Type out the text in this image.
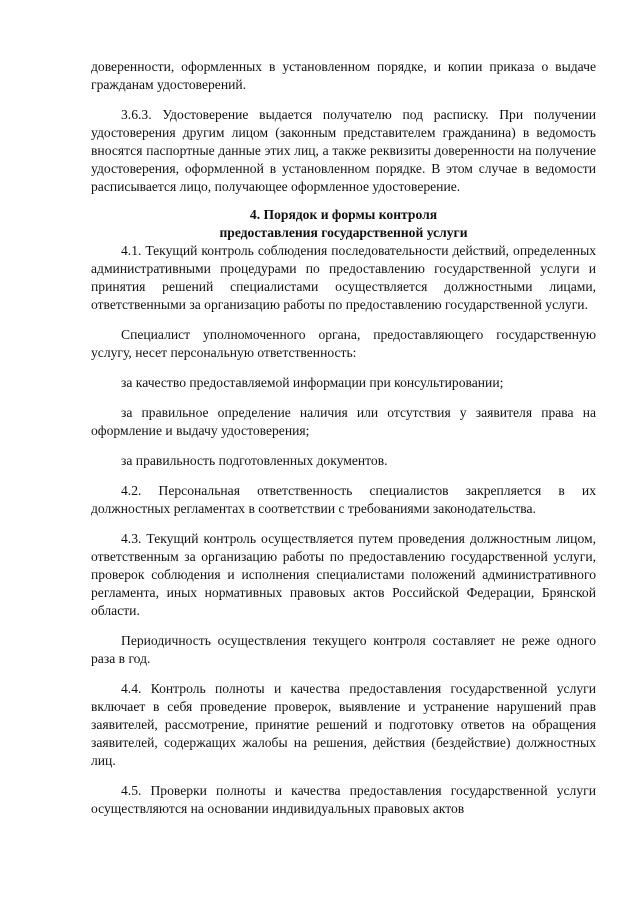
доверенности, оформленных в установленном порядке, и копии приказа о выдаче гражданам удостоверений.

3.6.3. Удостоверение выдается получателю под расписку. При получении удостоверения другим лицом (законным представителем гражданина) в ведомость вносятся паспортные данные этих лиц, а также реквизиты доверенности на получение удостоверения, оформленной в установленном порядке. В этом случае в ведомости расписывается лицо, получающее оформленное удостоверение.

4. Порядок и формы контроля

предоставления государственной услуги

4.1. Текущий контроль соблюдения последовательности действий, определенных административными процедурами по предоставлению государственной услуги и принятия решений специалистами осуществляется должностными лицами, ответственными за организацию работы по предоставлению государственной услуги.

Специалист уполномоченного органа, предоставляющего государственную услугу, несет персональную ответственность:

за качество предоставляемой информации при консультировании;

за правильное определение наличия или отсутствия у заявителя права на оформление и выдачу удостоверения;

за правильность подготовленных документов.

4.2. Персональная ответственность специалистов закрепляется в их должностных регламентах в соответствии с требованиями законодательства.

4.3. Текущий контроль осуществляется путем проведения должностным лицом, ответственным за организацию работы по предоставлению государственной услуги, проверок соблюдения и исполнения специалистами положений административного регламента, иных нормативных правовых актов Российской Федерации, Брянской области.

Периодичность осуществления текущего контроля составляет не реже одного раза в год.

4.4. Контроль полноты и качества предоставления государственной услуги включает в себя проведение проверок, выявление и устранение нарушений прав заявителей, рассмотрение, принятие решений и подготовку ответов на обращения заявителей, содержащих жалобы на решения, действия (бездействие) должностных лиц.

4.5. Проверки полноты и качества предоставления государственной услуги осуществляются на основании индивидуальных правовых актов
